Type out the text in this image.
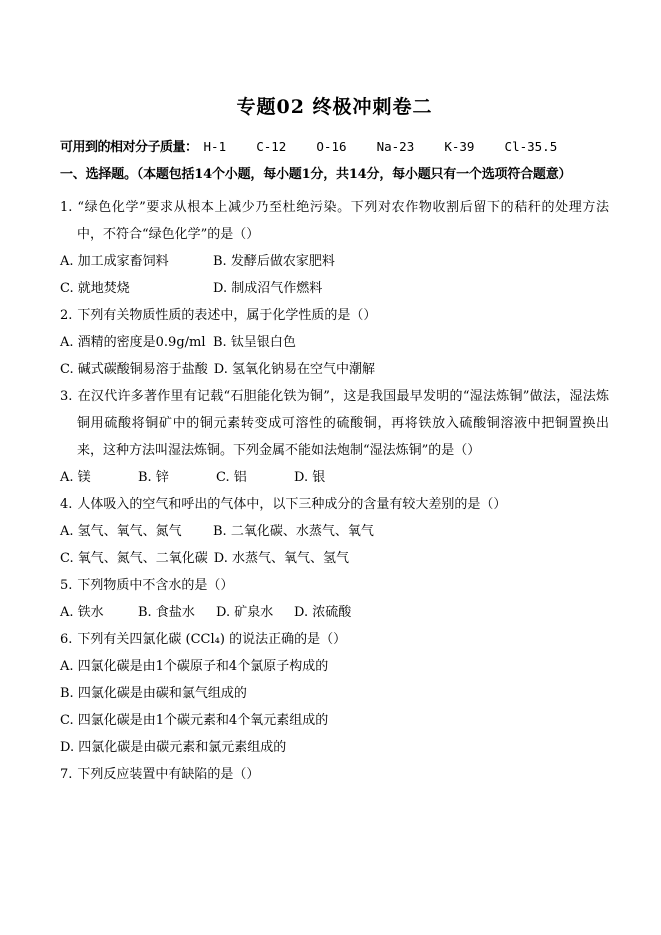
专题02 终极冲刺卷二

可用到的相对分子质量： H-1    C-12    O-16    Na-23    K-39    Cl-35.5

一、选择题。（本题包括14个小题，每小题1分，共14分，每小题只有一个选项符合题意）

1. “绿色化学”要求从根本上减少乃至杜绝污染。下列对农作物收割后留下的秸秆的处理方法中，不符合“绿色化学”的是（）

A. 加工成家畜饲料	B. 发酵后做农家肥料
C. 就地焚烧	D. 制成沼气作燃料

2. 下列有关物质性质的表述中，属于化学性质的是（）

A. 酒精的密度是0.9g/ml B. 钛呈银白色
C. 碱式碳酸铜易溶于盐酸 D. 氢氧化钠易在空气中潮解

3. 在汉代许多著作里有记载“石胆能化铁为铜”，这是我国最早发明的“湿法炼铜”做法，湿法炼铜用硫酸将铜矿中的铜元素转变成可溶性的硫酸铜，再将铁放入硫酸铜溶液中把铜置换出来，这种方法叫湿法炼铜。下列金属不能如法炮制“湿法炼铜”的是（）

A. 镁	B. 锌	C. 铝	D. 银

4. 人体吸入的空气和呼出的气体中，以下三种成分的含量有较大差别的是（）

A. 氢气、氧气、氮气	B. 二氧化碳、水蒸气、氧气
C. 氧气、氮气、二氧化碳 D. 水蒸气、氧气、氢气

5. 下列物质中不含水的是（）

A. 铁水	B. 食盐水	D. 矿泉水	D. 浓硫酸

6. 下列有关四氯化碳 (CCl₄) 的说法正确的是（）

A. 四氯化碳是由1个碳原子和4个氯原子构成的
B. 四氯化碳是由碳和氯气组成的
C. 四氯化碳是由1个碳元素和4个氧元素组成的
D. 四氯化碳是由碳元素和氯元素组成的

7. 下列反应装置中有缺陷的是（）
